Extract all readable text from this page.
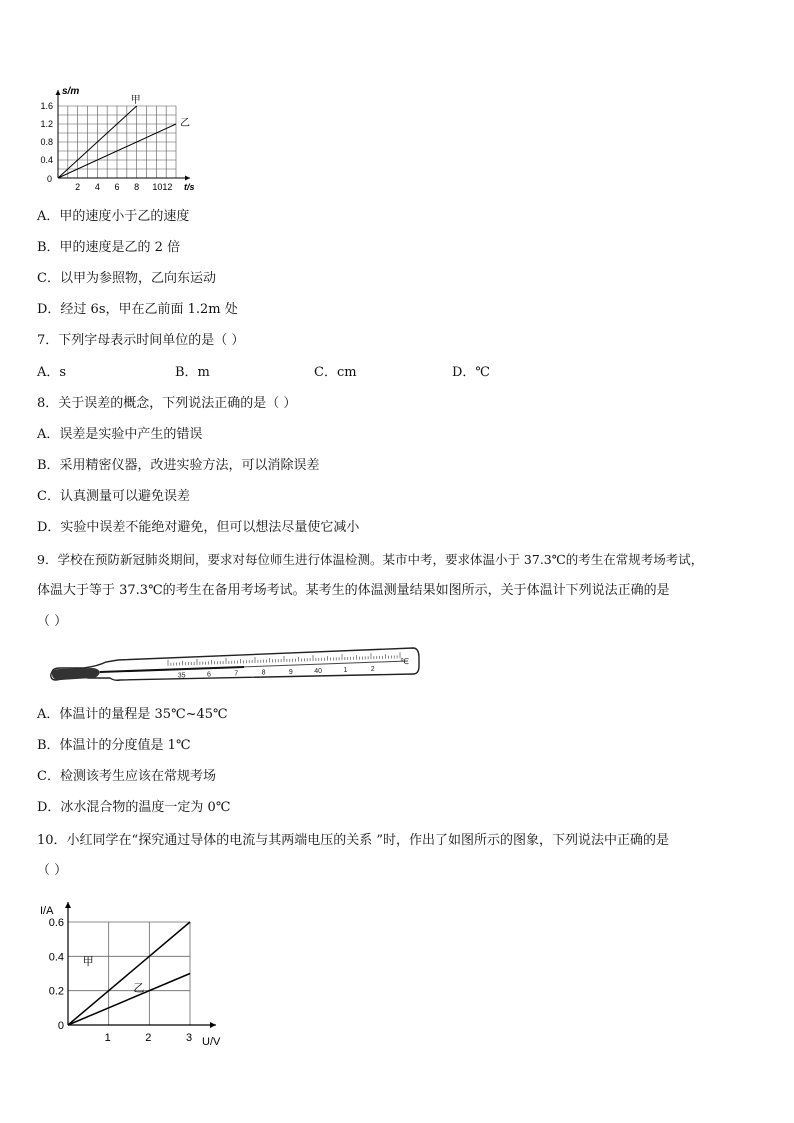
1.6
1.2
0.8
0.4
0
2 4 6 8 1012 t/s
s/m
甲
乙
A．甲的速度小于乙的速度
B．甲的速度是乙的 2 倍
C．以甲为参照物，乙向东运动
D．经过 6s，甲在乙前面 1.2m 处
7．下列字母表示时间单位的是（ ）
A．s	B．m	C．cm	D．℃
8．关于误差的概念，下列说法正确的是（ ）
A．误差是实验中产生的错误
B．采用精密仪器，改进实验方法，可以消除误差
C．认真测量可以避免误差
D．实验中误差不能绝对避免，但可以想法尽量使它减小
9．学校在预防新冠肺炎期间，要求对每位师生进行体温检测。某市中考，要求体温小于 37.3℃的考生在常规考场考试，
体温大于等于 37.3℃的考生在备用考场考试。某考生的体温测量结果如图所示，关于体温计下列说法正确的是
（ ）
35	6	7	8	9	40	1	2
℃
A．体温计的量程是 35℃~45℃
B．体温计的分度值是 1℃
C．检测该考生应该在常规考场
D．冰水混合物的温度一定为 0℃
10．小红同学在“探究通过导体的电流与其两端电压的关系 ”时，作出了如图所示的图象，下列说法中正确的是
（ ）
0.6
0.4
0.2
0
1	2	3 U/V
I/A
甲
乙
